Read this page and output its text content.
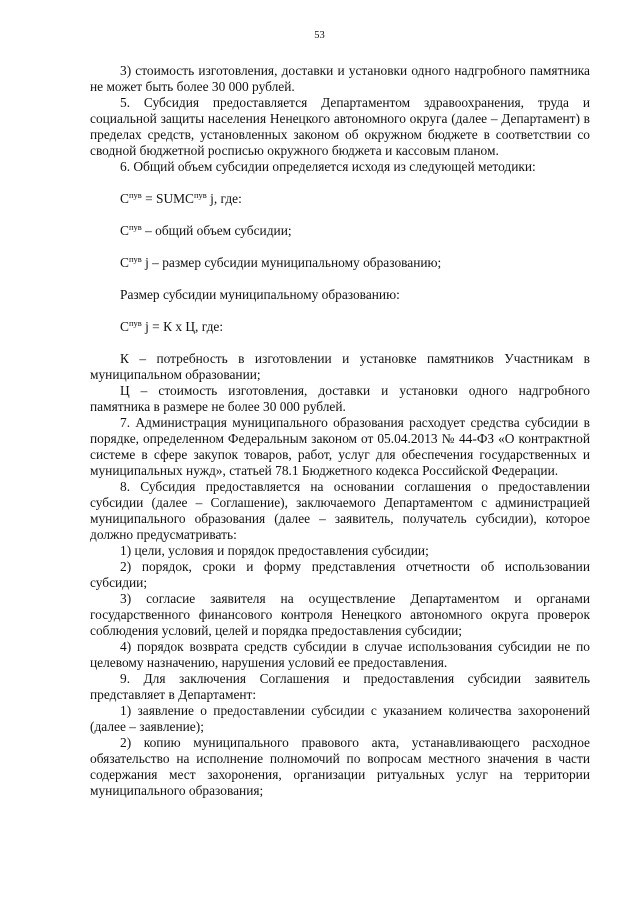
53

3) стоимость изготовления, доставки и установки одного надгробного памятника не может быть более 30 000 рублей.

5. Субсидия предоставляется Департаментом здравоохранения, труда и социальной защиты населения Ненецкого автономного округа (далее – Департамент) в пределах средств, установленных законом об окружном бюджете в соответствии со сводной бюджетной росписью окружного бюджета и кассовым планом.

6. Общий объем субсидии определяется исходя из следующей методики:

$С^{пув}$ = $SUMC^{пув}$ j, где:

$С^{пув}$ – общий объем субсидии;

$С^{пув}$ j – размер субсидии муниципальному образованию;

Размер субсидии муниципальному образованию:

$С^{пув}$ j = К х Ц, где:

К – потребность в изготовлении и установке памятников Участникам в муниципальном образовании;

Ц – стоимость изготовления, доставки и установки одного надгробного памятника в размере не более 30 000 рублей.

7. Администрация муниципального образования расходует средства субсидии в порядке, определенном Федеральным законом от 05.04.2013 № 44-ФЗ «О контрактной системе в сфере закупок товаров, работ, услуг для обеспечения государственных и муниципальных нужд», статьей 78.1 Бюджетного кодекса Российской Федерации.

8. Субсидия предоставляется на основании соглашения о предоставлении субсидии (далее – Соглашение), заключаемого Департаментом с администрацией муниципального образования (далее – заявитель, получатель субсидии), которое должно предусматривать:

1) цели, условия и порядок предоставления субсидии;

2) порядок, сроки и форму представления отчетности об использовании субсидии;

3) согласие заявителя на осуществление Департаментом и органами государственного финансового контроля Ненецкого автономного округа проверок соблюдения условий, целей и порядка предоставления субсидии;

4) порядок возврата средств субсидии в случае использования субсидии не по целевому назначению, нарушения условий ее предоставления.

9. Для заключения Соглашения и предоставления субсидии заявитель представляет в Департамент:

1) заявление о предоставлении субсидии с указанием количества захоронений (далее – заявление);

2) копию муниципального правового акта, устанавливающего расходное обязательство на исполнение полномочий по вопросам местного значения в части содержания мест захоронения, организации ритуальных услуг на территории муниципального образования;
